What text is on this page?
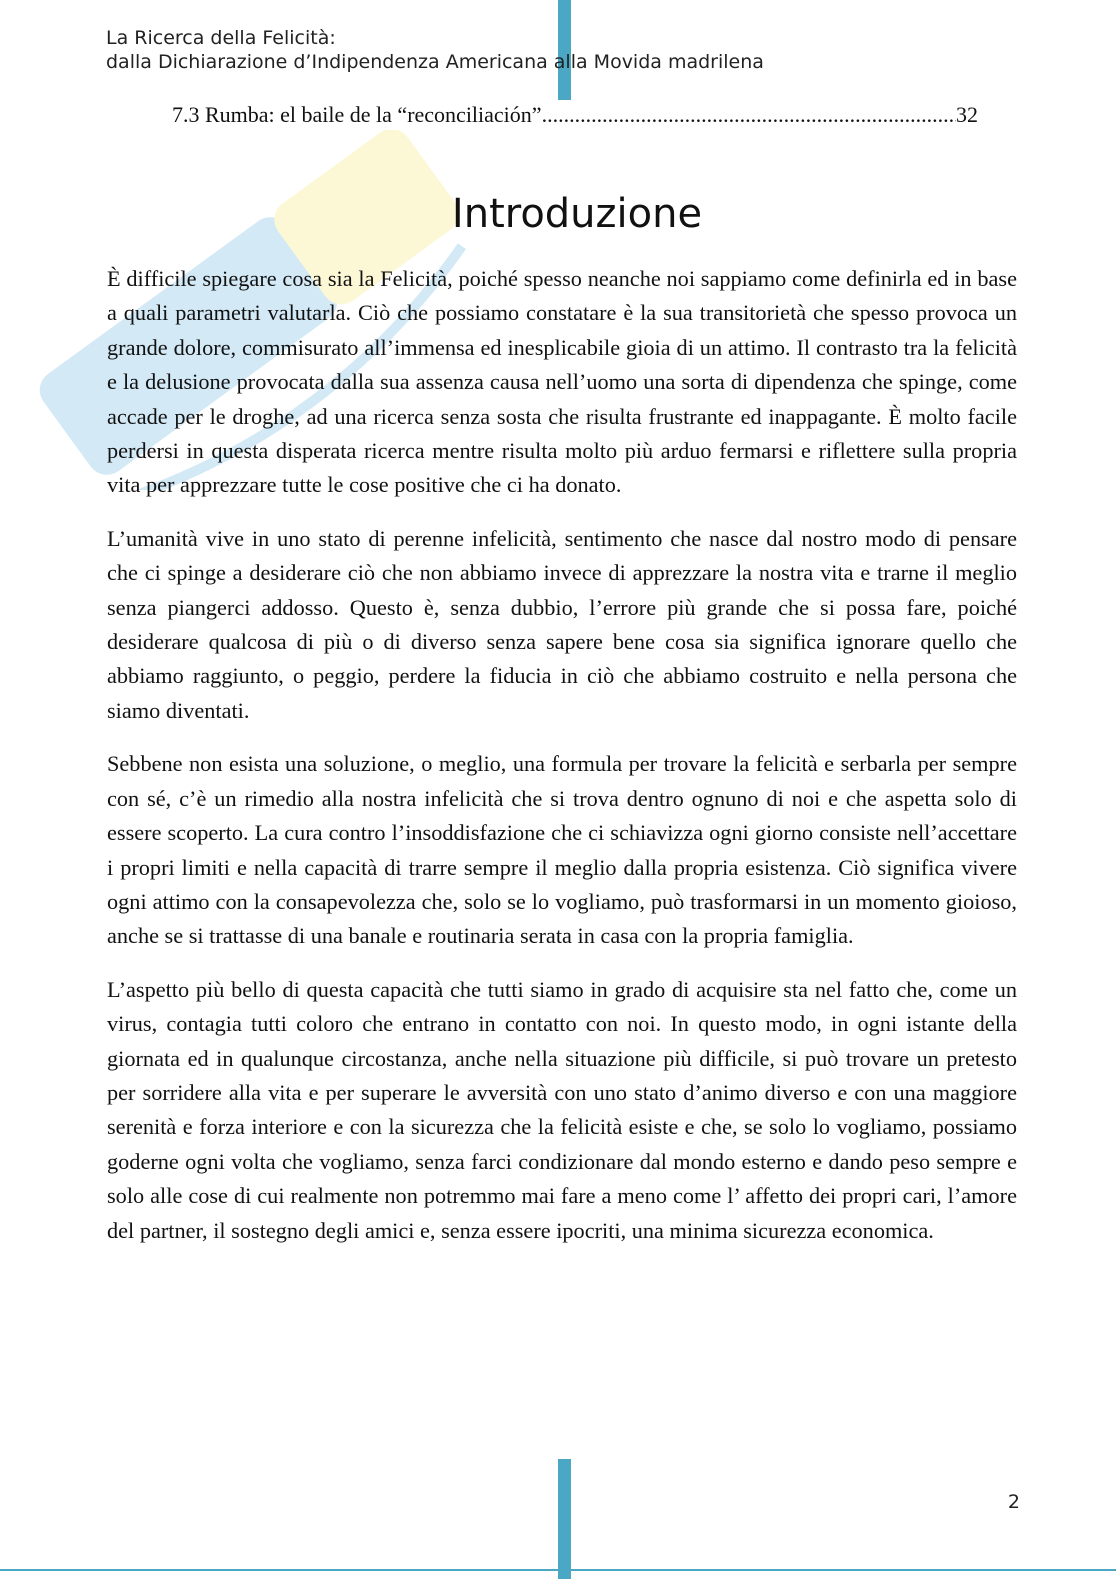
La Ricerca della Felicità:
dalla Dichiarazione d’Indipendenza Americana alla Movida madrilena
7.3 Rumba: el baile de la “reconciliación”
.....	32
Introduzione

È difficile spiegare cosa sia la Felicità, poiché spesso neanche noi sappiamo come definirla ed in base a quali parametri valutarla. Ciò che possiamo constatare è la sua transitorietà che spesso provoca un grande dolore, commisurato all’immensa ed inesplicabile gioia di un attimo. Il contrasto tra la felicità e la delusione provocata dalla sua assenza causa nell’uomo una sorta di dipendenza che spinge, come accade per le droghe, ad una ricerca senza sosta che risulta frustrante ed inappagante. È molto facile perdersi in questa disperata ricerca mentre risulta molto più arduo fermarsi e riflettere sulla propria vita per apprezzare tutte le cose positive che ci ha donato.

L’umanità vive in uno stato di perenne infelicità, sentimento che nasce dal nostro modo di pensare che ci spinge a desiderare ciò che non abbiamo invece di apprezzare la nostra vita e trarne il meglio senza piangerci addosso. Questo è, senza dubbio, l’errore più grande che si possa fare, poiché desiderare qualcosa di più o di diverso senza sapere bene cosa sia significa ignorare quello che abbiamo raggiunto, o peggio, perdere la fiducia in ciò che abbiamo costruito e nella persona che siamo diventati.

Sebbene non esista una soluzione, o meglio, una formula per trovare la felicità e serbarla per sempre con sé, c’è un rimedio alla nostra infelicità che si trova dentro ognuno di noi e che aspetta solo di essere scoperto. La cura contro l’insoddisfazione che ci schiavizza ogni giorno consiste nell’accettare i propri limiti e nella capacità di trarre sempre il meglio dalla propria esistenza. Ciò significa vivere ogni attimo con la consapevolezza che, solo se lo vogliamo, può trasformarsi in un momento gioioso, anche se si trattasse di una banale e routinaria serata in casa con la propria famiglia.

L’aspetto più bello di questa capacità che tutti siamo in grado di acquisire sta nel fatto che, come un virus, contagia tutti coloro che entrano in contatto con noi. In questo modo, in ogni istante della giornata ed in qualunque circostanza, anche nella situazione più difficile, si può trovare un pretesto per sorridere alla vita e per superare le avversità con uno stato d’animo diverso e con una maggiore serenità e forza interiore e con la sicurezza che la felicità esiste e che, se solo lo vogliamo, possiamo goderne ogni volta che vogliamo, senza farci condizionare dal mondo esterno e dando peso sempre e solo alle cose di cui realmente non potremmo mai fare a meno come l’ affetto dei propri cari, l’amore del partner, il sostegno degli amici e, senza essere ipocriti, una minima sicurezza economica.

2
